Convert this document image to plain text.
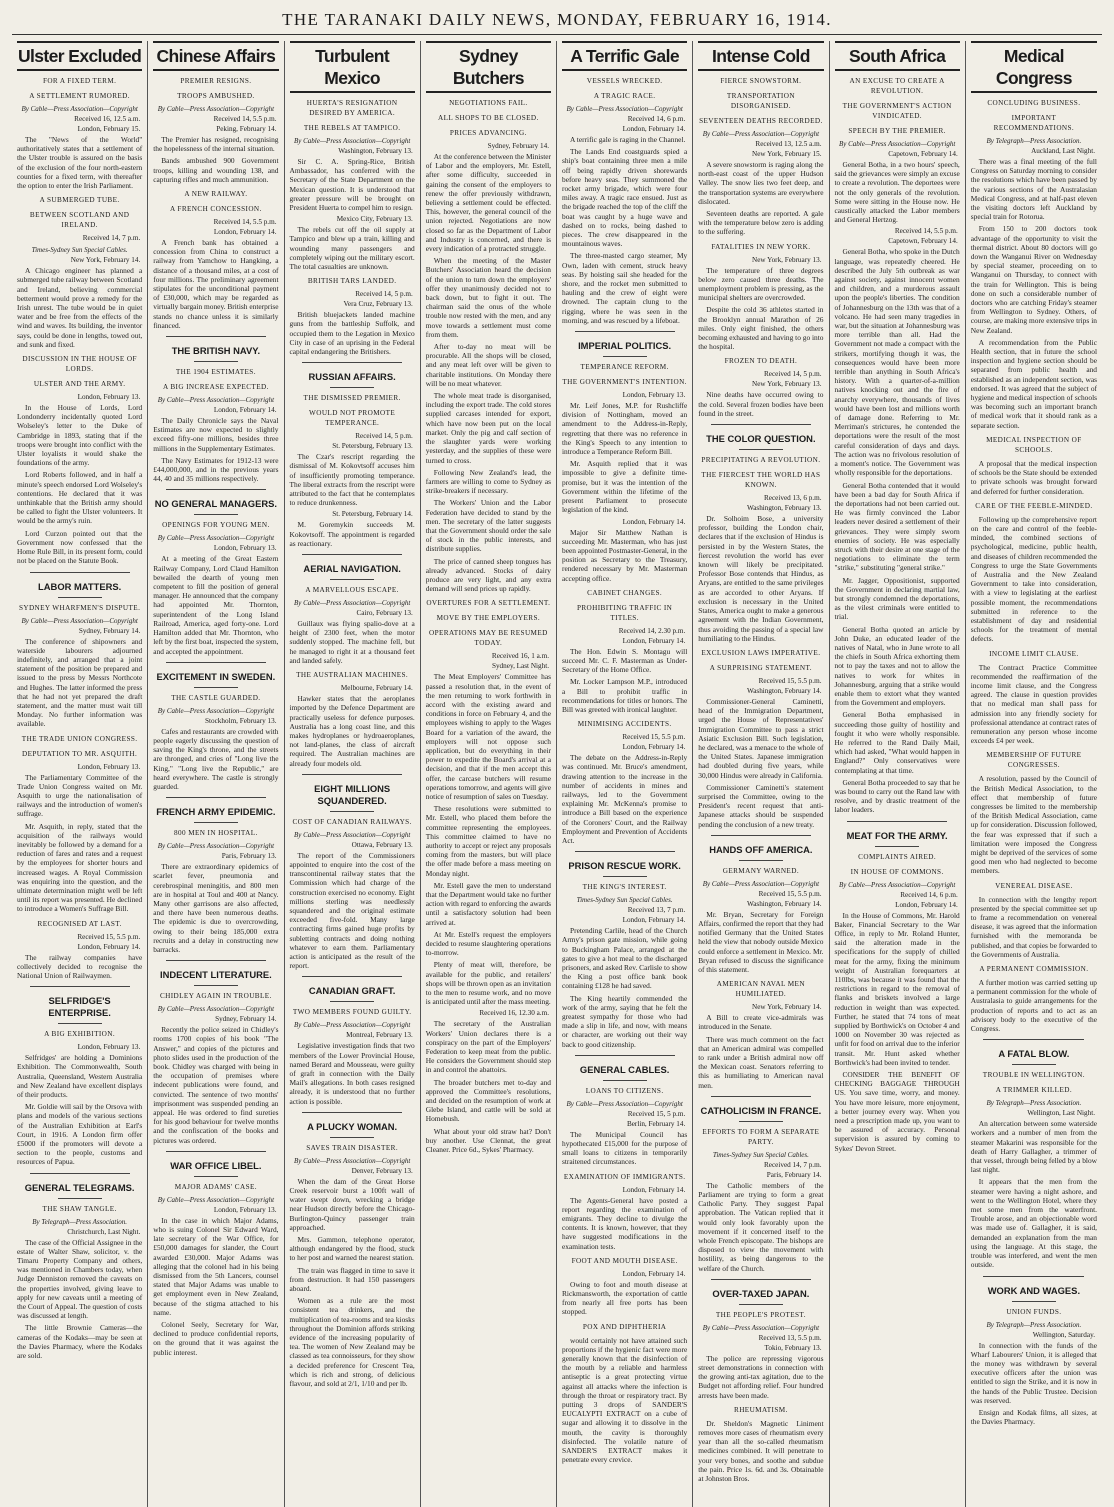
THE TARANAKI DAILY NEWS, MONDAY, FEBRUARY 16, 1914.
Ulster Excluded
FOR A FIXED TERM.
A SETTLEMENT RUMORED.
By Cable—Press Association—Copyright
Received 16, 12.5 a.m.
London, February 15.
The "News of the World" authoritatively states that a settlement of the Ulster trouble is assured on the basis of the exclusion of the four north-eastern counties for a fixed term, with thereafter the option to enter the Irish Parliament.
A SUBMERGED TUBE.
BETWEEN SCOTLAND AND IRELAND.
Received 14, 7 p.m.
Times-Sydney Sun Special Cables.
New York, February 14.
A Chicago engineer has planned a submerged tube railway between Scotland and Ireland, believing commercial betterment would prove a remedy for the Irish unrest. The tube would be in quiet water and be free from the effects of the wind and waves. Its building, the inventor says, could be done in lengths, towed out, and sunk and fixed.
DISCUSSION IN THE HOUSE OF LORDS.
ULSTER AND THE ARMY.
London, February 13.
In the House of Lords, Lord Londonderry incidentally quoted Lord Wolseley's letter to the Duke of Cambridge in 1893, stating that if the troops were brought into conflict with the Ulster loyalists it would shake the foundations of the army.
Lord Roberts followed, and in half a minute's speech endorsed Lord Wolseley's contentions. He declared that it was unthinkable that the British army should be called to fight the Ulster volunteers. It would be the army's ruin.
Lord Curzon pointed out that the Government now confessed that the Home Rule Bill, in its present form, could not be placed on the Statute Book.
LABOR MATTERS.
SYDNEY WHARFMEN'S DISPUTE.
By Cable—Press Association—Copyright
Sydney, February 14.
The conference of shipowners and waterside labourers adjourned indefinitely, and arranged that a joint statement of the position be prepared and issued to the press by Messrs Northcote and Hughes. The latter informed the press that he had not yet prepared the draft statement, and the matter must wait till Monday. No further information was available.
THE TRADE UNION CONGRESS.
DEPUTATION TO MR. ASQUITH.
London, February 13.
The Parliamentary Committee of the Trade Union Congress waited on Mr. Asquith to urge the nationalisation of railways and the introduction of women's suffrage.
Mr. Asquith, in reply, stated that the acquisition of the railways would inevitably be followed by a demand for a reduction of fares and rates and a request by the employees for shorter hours and increased wages. A Royal Commission was enquiring into the question, and the ultimate determination might well be left until its report was presented. He declined to introduce a Women's Suffrage Bill.
RECOGNISED AT LAST.
Received 15, 5.5 p.m.
London, February 14.
The railway companies have collectively decided to recognise the National Union of Railwaymen.
SELFRIDGE'S ENTERPRISE.
A BIG EXHIBITION.
London, February 13.
Selfridges' are holding a Dominions Exhibition. The Commonwealth, South Australia, Queensland, Western Australia and New Zealand have excellent displays of their products.
Mr. Goldie will sail by the Orsova with plans and models of the various sections of the Australian Exhibition at Earl's Court, in 1916. A London firm offer £5000 if the promoters will devote a section to the people, customs and resources of Papua.
GENERAL TELEGRAMS.
THE SHAW TANGLE.
By Telegraph—Press Association.
Christchurch, Last Night.
The case of the Official Assignee in the estate of Walter Shaw, solicitor, v. the Timaru Property Company and others, was mentioned in Chambers today, when Judge Denniston removed the caveats on the properties involved, giving leave to apply for new caveats until a meeting of the Court of Appeal. The question of costs was discussed at length.
The little Brownie Cameras—the cameras of the Kodaks—may be seen at the Davies Pharmacy, where the Kodaks are sold.
Chinese Affairs
PREMIER RESIGNS.
TROOPS AMBUSHED.
By Cable—Press Association—Copyright
Received 14, 5.5 p.m.
Peking, February 14.
The Premier has resigned, recognising the hopelessness of the internal situation.
Bands ambushed 900 Government troops, killing and wounding 138, and capturing rifles and much ammunition.
A NEW RAILWAY.
A FRENCH CONCESSION.
Received 14, 5.5 p.m.
London, February 14.
A French bank has obtained a concession from China to construct a railway from Yamchow to Hangking, a distance of a thousand miles, at a cost of four millions. The preliminary agreement stipulates for the unconditional payment of £30,000, which may be regarded as virtually bargain money. British enterprise stands no chance unless it is similarly financed.
THE BRITISH NAVY.
THE 1904 ESTIMATES.
A BIG INCREASE EXPECTED.
By Cable—Press Association—Copyright
London, February 14.
The Daily Chronicle says the Naval Estimates are now expected to slightly exceed fifty-one millions, besides three millions in the Supplementary Estimates.
The Navy Estimates for 1912-13 were £44,000,000, and in the previous years 44, 40 and 35 millions respectively.
NO GENERAL MANAGERS.
OPENINGS FOR YOUNG MEN.
By Cable—Press Association—Copyright
London, February 13.
At a meeting of the Great Eastern Railway Company, Lord Claud Hamilton bewailed the dearth of young men competent to fill the position of general manager. He announced that the company had appointed Mr. Thornton, superintendent of the Long Island Railroad, America, aged forty-one. Lord Hamilton added that Mr. Thornton, who left by the first boat, inspected the system, and accepted the appointment.
EXCITEMENT IN SWEDEN.
THE CASTLE GUARDED.
By Cable—Press Association—Copyright
Stockholm, February 13.
Cafes and restaurants are crowded with people eagerly discussing the question of saving the King's throne, and the streets are thronged, and cries of "Long live the King," "Long live the Republic," are heard everywhere. The castle is strongly guarded.
FRENCH ARMY EPIDEMIC.
800 MEN IN HOSPITAL.
By Cable—Press Association—Copyright
Paris, February 13.
There are extraordinary epidemics of scarlet fever, pneumonia and cerebrospinal meningitis, and 800 men are in hospital at Toul and 400 at Nancy. Many other garrisons are also affected, and there have been numerous deaths. The epidemic is due to overcrowding, owing to their being 185,000 extra recruits and a delay in constructing new barracks.
INDECENT LITERATURE.
CHIDLEY AGAIN IN TROUBLE.
By Cable—Press Association—Copyright
Sydney, February 14.
Recently the police seized in Chidley's rooms 1700 copies of his book "The Answer," and copies of the pictures and photo slides used in the production of the book. Chidley was charged with being in the occupation of premises where indecent publications were found, and convicted. The sentence of two months' imprisonment was suspended pending an appeal. He was ordered to find sureties for his good behaviour for twelve months and the confiscation of the books and pictures was ordered.
WAR OFFICE LIBEL.
MAJOR ADAMS' CASE.
By Cable—Press Association—Copyright
London, February 13.
In the case in which Major Adams, who is suing Colonel Sir Edward Ward, late secretary of the War Office, for £50,000 damages for slander, the Court awarded £30,000. Major Adams was alleging that the colonel had in his being dismissed from the 5th Lancers, counsel stated that Major Adams was unable to get employment even in New Zealand, because of the stigma attached to his name.
Colonel Seely, Secretary for War, declined to produce confidential reports, on the ground that it was against the public interest.
Turbulent Mexico
HUERTA'S RESIGNATION DESIRED BY AMERICA.
THE REBELS AT TAMPICO.
By Cable—Press Association—Copyright
Washington, February 13.
Sir C. A. Spring-Rice, British Ambassador, has conferred with the Secretary of the State Department on the Mexican question. It is understood that greater pressure will be brought on President Huerta to compel him to resign.
Mexico City, February 13.
The rebels cut off the oil supply at Tampico and blew up a train, killing and wounding many passengers and completely wiping out the military escort. The total casualties are unknown.
BRITISH TARS LANDED.
Received 14, 5 p.m.
Vera Cruz, February 13.
British bluejackets landed machine guns from the battleship Suffolk, and occupied them to the Legation in Mexico City in case of an uprising in the Federal capital endangering the Britishers.
RUSSIAN AFFAIRS.
THE DISMISSED PREMIER.
WOULD NOT PROMOTE TEMPERANCE.
Received 14, 5 p.m.
St. Petersburg, February 13.
The Czar's rescript regarding the dismissal of M. Kokovtsoff accuses him of insufficiently promoting temperance. The liberal extracts from the rescript were attributed to the fact that he contemplates to reduce drunkenness.
St. Petersburg, February 14.
M. Goremykin succeeds M. Kokovtsoff. The appointment is regarded as reactionary.
AERIAL NAVIGATION.
A MARVELLOUS ESCAPE.
By Cable—Press Association—Copyright
Cairo, February 13.
Guillaux was flying spalio-dove at a height of 2300 feet, when the motor suddenly stopped. The machine fell, but he managed to right it at a thousand feet and landed safely.
THE AUSTRALIAN MACHINES.
Melbourne, February 14.
Hawker states that the aeroplanes imported by the Defence Department are practically useless for defence purposes. Australia has a long coast line, and this makes hydroplanes or hydroaeroplanes, not land-planes, the class of aircraft required. The Australian machines are already four models old.
EIGHT MILLIONS SQUANDERED.
COST OF CANADIAN RAILWAYS.
By Cable—Press Association—Copyright
Ottawa, February 13.
The report of the Commissioners appointed to enquire into the cost of the transcontinental railway states that the Commission which had charge of the construction exercised no economy. Eight millions sterling was needlessly squandered and the original estimate exceeded five-fold. Many large contracting firms gained huge profits by subletting contracts and doing nothing whatever to earn them. Parliamentary action is anticipated as the result of the report.
CANADIAN GRAFT.
TWO MEMBERS FOUND GUILTY.
By Cable—Press Association—Copyright
Montreal, February 13.
Legislative investigation finds that two members of the Lower Provincial House, named Berard and Mousseau, were guilty of graft in connection with the Daily Mail's allegations. In both cases resigned already, it is understood that no further action is possible.
A PLUCKY WOMAN.
SAVES TRAIN DISASTER.
By Cable—Press Association—Copyright
Denver, February 13.
When the dam of the Great Horse Creek reservoir burst a 100ft wall of water swept down, wrecking a bridge near Hudson directly before the Chicago-Burlington-Quincy passenger train approached.
Mrs. Gammon, telephone operator, although endangered by the flood, stuck to her post and warned the nearest station.
The train was flagged in time to save it from destruction. It had 150 passengers aboard.
Women as a rule are the most consistent tea drinkers, and the multiplication of tea-rooms and tea kiosks throughout the Dominion affords striking evidence of the increasing popularity of tea. The women of New Zealand may be classed as tea connoisseurs, for they show a decided preference for Crescent Tea, which is rich and strong, of delicious flavour, and sold at 2/1, 1/10 and per lb.
Sydney Butchers
NEGOTIATIONS FAIL.
ALL SHOPS TO BE CLOSED.
PRICES ADVANCING.
Sydney, February 14.
At the conference between the Minister of Labor and the employers, Mr. Estell, after some difficulty, succeeded in gaining the consent of the employers to renew the offer previously withdrawn, believing a settlement could be effected. This, however, the general council of the union rejected. Negotiations are now closed so far as the Department of Labor and Industry is concerned, and there is every indication of a protracted struggle.
When the meeting of the Master Butchers' Association heard the decision of the union to turn down the employers' offer they unanimously decided not to back down, but to fight it out. The chairman said the onus of the whole trouble now rested with the men, and any move towards a settlement must come from them.
After to-day no meat will be procurable. All the shops will be closed, and any meat left over will be given to charitable institutions. On Monday there will be no meat whatever.
The whole meat trade is disorganised, including the export trade. The cold stores supplied carcases intended for export, which have now been put on the local market. Only the pig and calf section of the slaughter yards were working yesterday, and the supplies of these were turned to cross.
Following New Zealand's lead, the farmers are willing to come to Sydney as strike-breakers if necessary.
The Workers' Union and the Labor Federation have decided to stand by the men. The secretary of the latter suggests that the Government should order the sale of stock in the public interests, and distribute supplies.
The price of canned sheep tongues has already advanced. Stocks of dairy produce are very light, and any extra demand will send prices up rapidly.
OVERTURES FOR A SETTLEMENT.
MOVE BY THE EMPLOYERS.
OPERATIONS MAY BE RESUMED TODAY.
Received 16, 1 a.m.
Sydney, Last Night.
The Meat Employers' Committee has passed a resolution that, in the event of the men returning to work forthwith in accord with the existing award and conditions in force on February 4, and the employees wishing to apply to the Wages Board for a variation of the award, the employers will not oppose such application, but do everything in their power to expedite the Board's arrival at a decision, and that if the men accept this offer, the carcase butchers will resume operations tomorrow, and agents will give notice of resumption of sales on Tuesday.
These resolutions were submitted to Mr. Estell, who placed them before the committee representing the employees. This committee claimed to have no authority to accept or reject any proposals coming from the masters, but will place the offer made before a mass meeting on Monday night.
Mr. Estell gave the men to understand that the Department would take no further action with regard to enforcing the awards until a satisfactory solution had been arrived at.
At Mr. Estell's request the employers decided to resume slaughtering operations to-morrow.
Plenty of meat will, therefore, be available for the public, and retailers' shops will be thrown open as an invitation to the men to resume work, and no move is anticipated until after the mass meeting.
Received 16, 12.30 a.m.
The secretary of the Australian Workers' Union declares there is a conspiracy on the part of the Employers' Federation to keep meat from the public. He considers the Government should step in and control the abattoirs.
The broader butchers met to-day and approved the Committee's resolutions, and decided on the resumption of work at Glebe Island, and cattle will be sold at Homebush.
What about your old straw hat? Don't buy another. Use Clennat, the great Cleaner. Price 6d., Sykes' Pharmacy.
A Terrific Gale
VESSELS WRECKED.
A TRAGIC RACE.
By Cable—Press Association—Copyright
Received 14, 6 p.m.
London, February 14.
A terrific gale is raging in the Channel.
The Lands End coastguards spied a ship's boat containing three men a mile off being rapidly driven shorewards before heavy seas. They summoned the rocket army brigade, which were four miles away. A tragic race ensued. Just as the brigade reached the top of the cliff the boat was caught by a huge wave and dashed on to rocks, being dashed to pieces. The crew disappeared in the mountainous waves.
The three-masted cargo steamer, My Own, laden with cement, struck heavy seas. By hoisting sail she headed for the shore, and the rocket men submitted to hauling and the crew of eight were drowned. The captain clung to the rigging, where he was seen in the morning, and was rescued by a lifeboat.
IMPERIAL POLITICS.
TEMPERANCE REFORM.
THE GOVERNMENT'S INTENTION.
London, February 13.
Mr. Leif Jones, M.P. for Rushcliffe division of Nottingham, moved an amendment to the Address-in-Reply, regretting that there was no reference in the King's Speech to any intention to introduce a Temperance Reform Bill.
Mr. Asquith replied that it was impossible to give a definite time-promise, but it was the intention of the Government within the lifetime of the present Parliament to prosecute legislation of the kind.
London, February 14.
Major Sir Matthew Nathan is succeeding Mr. Masterman, who has just been appointed Postmaster-General, in the position as Secretary to the Treasury, rendered necessary by Mr. Masterman accepting office.
CABINET CHANGES.
PROHIBITING TRAFFIC IN TITLES.
Received 14, 2.30 p.m.
London, February 14.
The Hon. Edwin S. Montagu will succeed Mr. C. F. Masterman as Under-Secretary of the Home Office.
Mr. Locker Lampson M.P., introduced a Bill to prohibit traffic in recommendations for titles or honors. The Bill was greeted with ironical laughter.
MINIMISING ACCIDENTS.
Received 15, 5.5 p.m.
London, February 14.
The debate on the Address-in-Reply was continued. Mr. Bruce's amendment, drawing attention to the increase in the number of accidents in mines and railways, led to the Government explaining Mr. McKenna's promise to introduce a Bill based on the experience of the Coroners' Court, and the Railway Employment and Prevention of Accidents Act.
PRISON RESCUE WORK.
THE KING'S INTEREST.
Times-Sydney Sun Special Cables.
Received 13, 7 p.m.
London, February 14.
Pretending Carlile, head of the Church Army's prison gate mission, while going to Buckingham Palace, arranged at the gates to give a hot meal to the discharged prisoners, and asked Rev. Carlisle to show the King a post office bank book containing £128 he had saved.
The King heartily commended the work of the army, saying that he felt the greatest sympathy for those who had made a slip in life, and now, with means or character, are working out their way back to good citizenship.
GENERAL CABLES.
LOANS TO CITIZENS.
By Cable—Press Association—Copyright
Received 15, 5 p.m.
Berlin, February 14.
The Municipal Council has hypothecated £15,000 for the purpose of small loans to citizens in temporarily straitened circumstances.
EXAMINATION OF IMMIGRANTS.
London, February 14.
The Agents-General have posted a report regarding the examination of emigrants. They decline to divulge the contents. It is known, however, that they have suggested modifications in the examination tests.
FOOT AND MOUTH DISEASE.
London, February 14.
Owing to foot and mouth disease at Rickmansworth, the exportation of cattle from nearly all free ports has been stopped.
POX AND DIPHTHERIA
would certainly not have attained such proportions if the hygienic fact were more generally known that the disinfection of the mouth by a reliable and harmless antiseptic is a great protecting virtue against all attacks where the infection is through the throat or respiratory tract. By putting 3 drops of SANDER'S EUCALYPTI EXTRACT on a cube of sugar and allowing it to dissolve in the mouth, the cavity is thoroughly disinfected. The volatile nature of SANDER'S EXTRACT makes it penetrate every crevice.
Intense Cold
FIERCE SNOWSTORM.
TRANSPORTATION DISORGANISED.
SEVENTEEN DEATHS RECORDED.
By Cable—Press Association—Copyright
Received 13, 12.5 a.m.
New York, February 15.
A severe snowstorm is raging along the north-east coast of the upper Hudson Valley. The snow lies two feet deep, and the transportation systems are everywhere dislocated.
Seventeen deaths are reported. A gale with the temperature below zero is adding to the suffering.
FATALITIES IN NEW YORK.
New York, February 13.
The temperature of three degrees below zero caused three deaths. The unemployment problem is pressing, as the municipal shelters are overcrowded.
Despite the cold 36 athletes started in the Brooklyn annual Marathon of 26 miles. Only eight finished, the others becoming exhausted and having to go into the hospital.
FROZEN TO DEATH.
Received 14, 5 p.m.
New York, February 13.
Nine deaths have occurred owing to the cold. Several frozen bodies have been found in the street.
THE COLOR QUESTION.
PRECIPITATING A REVOLUTION.
THE FIERCEST THE WORLD HAS KNOWN.
Received 13, 6 p.m.
Washington, February 13.
Dr. Solhoim Bose, a university professor, building the London chair, declares that if the exclusion of Hindus is persisted in by the Western States, the fiercest revolution the world has ever known will likely be precipitated. Professor Bose contends that Hindus, as Aryans, are entitled to the same privileges as are accorded to other Aryans. If exclusion is necessary in the United States, America ought to make a generous agreement with the Indian Government, thus avoiding the passing of a special law humiliating to the Hindus.
EXCLUSION LAWS IMPERATIVE.
A SURPRISING STATEMENT.
Received 15, 5.5 p.m.
Washington, February 14.
Commissioner-General Caminetti, head of the Immigration Department, urged the House of Representatives' Immigration Committee to pass a strict Asiatic Exclusion Bill. Such legislation, he declared, was a menace to the whole of the United States. Japanese immigration had doubled during five years, while 30,000 Hindus were already in California.
Commissioner Caminetti's statement surprised the Committee, owing to the President's recent request that anti-Japanese attacks should be suspended pending the conclusion of a new treaty.
HANDS OFF AMERICA.
GERMANY WARNED.
By Cable—Press Association—Copyright
Received 15, 5.5 p.m.
Washington, February 14.
Mr. Bryan, Secretary for Foreign Affairs, confirmed the report that they had notified Germany that the United States held the view that nobody outside Mexico could enforce a settlement in Mexico. Mr. Bryan refused to discuss the significance of this statement.
AMERICAN NAVAL MEN HUMILIATED.
New York, February 14.
A Bill to create vice-admirals was introduced in the Senate.
There was much comment on the fact that an American admiral was compelled to rank under a British admiral now off the Mexican coast. Senators referring to this as humiliating to American naval men.
CATHOLICISM IN FRANCE.
EFFORTS TO FORM A SEPARATE PARTY.
Times-Sydney Sun Special Cables.
Received 14, 7 p.m.
Paris, February 14.
The Catholic members of the Parliament are trying to form a great Catholic Party. They suggest Papal approbation. The Vatican replied that it would only look favorably upon the movement if it concerned itself to the whole French episcopate. The bishops are disposed to view the movement with hostility, as being dangerous to the welfare of the Church.
OVER-TAXED JAPAN.
THE PEOPLE'S PROTEST.
By Cable—Press Association—Copyright
Received 13, 5.5 p.m.
Tokio, February 13.
The police are repressing vigorous street demonstrations in connection with the growing anti-tax agitation, due to the Budget not affording relief. Four hundred arrests have been made.
RHEUMATISM.
Dr. Sheldon's Magnetic Liniment removes more cases of rheumatism every year than all the so-called rheumatism medicines combined. It will penetrate to your very bones, and soothe and subdue the pain. Price 1s. 6d. and 3s. Obtainable at Johnston Bros.
South Africa
AN EXCUSE TO CREATE A REVOLUTION.
THE GOVERNMENT'S ACTION VINDICATED.
SPEECH BY THE PREMIER.
By Cable—Press Association—Copyright
Capetown, February 14.
General Botha, in a two hours' speech, said the grievances were simply an excuse to create a revolution. The deportees were not the only generals of the revolution. Some were sitting in the House now. He caustically attacked the Labor members and General Hertzog.
Received 14, 5.5 p.m.
Capetown, February 14.
General Botha, who spoke in the Dutch language, was repeatedly cheered. He described the July 5th outbreak as war against society, against innocent women and children, and a murderous assault upon the people's liberties. The condition of Johannesburg on the 13th was that of a volcano. He had seen many tragedies in war, but the situation at Johannesburg was more terrible than all. Had the Government not made a compact with the strikers, mortifying though it was, the consequences would have been more terrible than anything in South Africa's history. With a quarter-of-a-million natives knocking out and the fire of anarchy everywhere, thousands of lives would have been lost and millions worth of damage done. Referring to Mr. Merriman's strictures, he contended the deportations were the result of the most careful consideration of days and days. The action was no frivolous resolution of a moment's notice. The Government was wholly responsible for the deportations.
General Botha contended that it would have been a bad day for South Africa if the deportations had not been carried out. He was firmly convinced the Labor leaders never desired a settlement of their grievances. They were simply sworn enemies of society. He was especially struck with their desire at one stage of the negotiations to eliminate the term "strike," substituting "general strike."
Mr. Jagger, Oppositionist, supported the Government in declaring martial law, but strongly condemned the deportations, as the vilest criminals were entitled to trial.
General Botha quoted an article by John Duke, an educated leader of the natives of Natal, who in June wrote to all the chiefs in South Africa exhorting them not to pay the taxes and not to allow the natives to work for whites in Johannesburg, arguing that a strike would enable them to extort what they wanted from the Government and employers.
General Botha emphasised in succeeding those guilty of hostility and fought it who were wholly responsible. He referred to the Rand Daily Mail, which had asked, "What would happen in England?" Only conservatives were contemplating at that time.
General Botha proceeded to say that he was bound to carry out the Rand law with resolve, and by drastic treatment of the labor leaders.
MEAT FOR THE ARMY.
COMPLAINTS AIRED.
IN HOUSE OF COMMONS.
By Cable—Press Association—Copyright
Received 14, 6 p.m.
London, February 14.
In the House of Commons, Mr. Harold Baker, Financial Secretary to the War Office, in reply to Mr. Roland Hunter, said the alteration made in the specifications for the supply of chilled meat for the army, fixing the minimum weight of Australian forequarters at 110lbs, was because it was found that the restrictions in regard to the removal of flanks and briskets involved a large reduction in weight than was expected. Further, he stated that 74 tons of meat supplied by Borthwick's on October 4 and 1000 on November 30 was rejected as unfit for food on arrival due to the inferior transit. Mr. Hunt asked whether Borthwick's had been invited to tender.
CONSIDER THE BENEFIT OF CHECKING BAGGAGE THROUGH US. You save time, worry, and money. You have more leisure, more enjoyment, a better journey every way. When you need a prescription made up, you want to be assured of accuracy. Personal supervision is assured by coming to Sykes' Devon Street.
Medical Congress
CONCLUDING BUSINESS.
IMPORTANT RECOMMENDATIONS.
By Telegraph—Press Association.
Auckland, Last Night.
There was a final meeting of the full Congress on Saturday morning to consider the resolutions which have been passed by the various sections of the Australasian Medical Congress, and at half-past eleven the visiting doctors left Auckland by special train for Rotorua.
From 150 to 200 doctors took advantage of the opportunity to visit the thermal district. About 80 doctors will go down the Wanganui River on Wednesday by special steamer, proceeding on to Wanganui on Thursday, to connect with the train for Wellington. This is being done on such a considerable number of doctors who are catching Friday's steamer from Wellington to Sydney. Others, of course, are making more extensive trips in New Zealand.
A recommendation from the Public Health section, that in future the school inspection and hygiene section should be separated from public health and established as an independent section, was endorsed. It was agreed that the subject of hygiene and medical inspection of schools was becoming such an important branch of medical work that it should rank as a separate section.
MEDICAL INSPECTION OF SCHOOLS.
A proposal that the medical inspection of schools be the State should be extended to private schools was brought forward and deferred for further consideration.
CARE OF THE FEEBLE-MINDED.
Following up the comprehensive report on the care and control of the feeble-minded, the combined sections of psychological, medicine, public health, and diseases of children recommended the Congress to urge the State Governments of Australia and the New Zealand Government to take into consideration, with a view to legislating at the earliest possible moment, the recommendations submitted in reference to the establishment of day and residential schools for the treatment of mental defects.
INCOME LIMIT CLAUSE.
The Contract Practice Committee recommended the reaffirmation of the income limit clause, and the Congress agreed. The clause in question provides that no medical man shall pass for admission into any friendly society for professional attendance at contract rates of remuneration any person whose income exceeds £4 per week.
MEMBERSHIP OF FUTURE CONGRESSES.
A resolution, passed by the Council of the British Medical Association, to the effect that membership of future congresses be limited to the membership of the British Medical Association, came up for consideration. Discussion followed, the fear was expressed that if such a limitation were imposed the Congress might be deprived of the services of some good men who had neglected to become members.
VENEREAL DISEASE.
In connection with the lengthy report presented by the special committee set up to frame a recommendation on venereal disease, it was agreed that the information furnished with the memoranda be published, and that copies be forwarded to the Governments of Australia.
A PERMANENT COMMISSION.
A further motion was carried setting up a permanent commission for the whole of Australasia to guide arrangements for the production of reports and to act as an advisory body to the executive of the Congress.
A FATAL BLOW.
TROUBLE IN WELLINGTON.
A TRIMMER KILLED.
By Telegraph—Press Association.
Wellington, Last Night.
An altercation between some waterside workers and a number of men from the steamer Makarini was responsible for the death of Harry Gallagher, a trimmer of that vessel, through being felled by a blow last night.
It appears that the men from the steamer were having a night ashore, and went to the Wellington Hotel, where they met some men from the waterfront. Trouble arose, and an objectionable word was made use of. Gallagher, it is said, demanded an explanation from the man using the language. At this stage, the trouble was interfered, and went the men outside.
WORK AND WAGES.
UNION FUNDS.
By Telegraph—Press Association.
Wellington, Saturday.
In connection with the funds of the Wharf Labourers' Union, it is alleged that the money was withdrawn by several executive officers after the union was entitled to sign the Strike, and it is now in the hands of the Public Trustee. Decision was reserved.
Ensign and Kodak films, all sizes, at the Davies Pharmacy.
